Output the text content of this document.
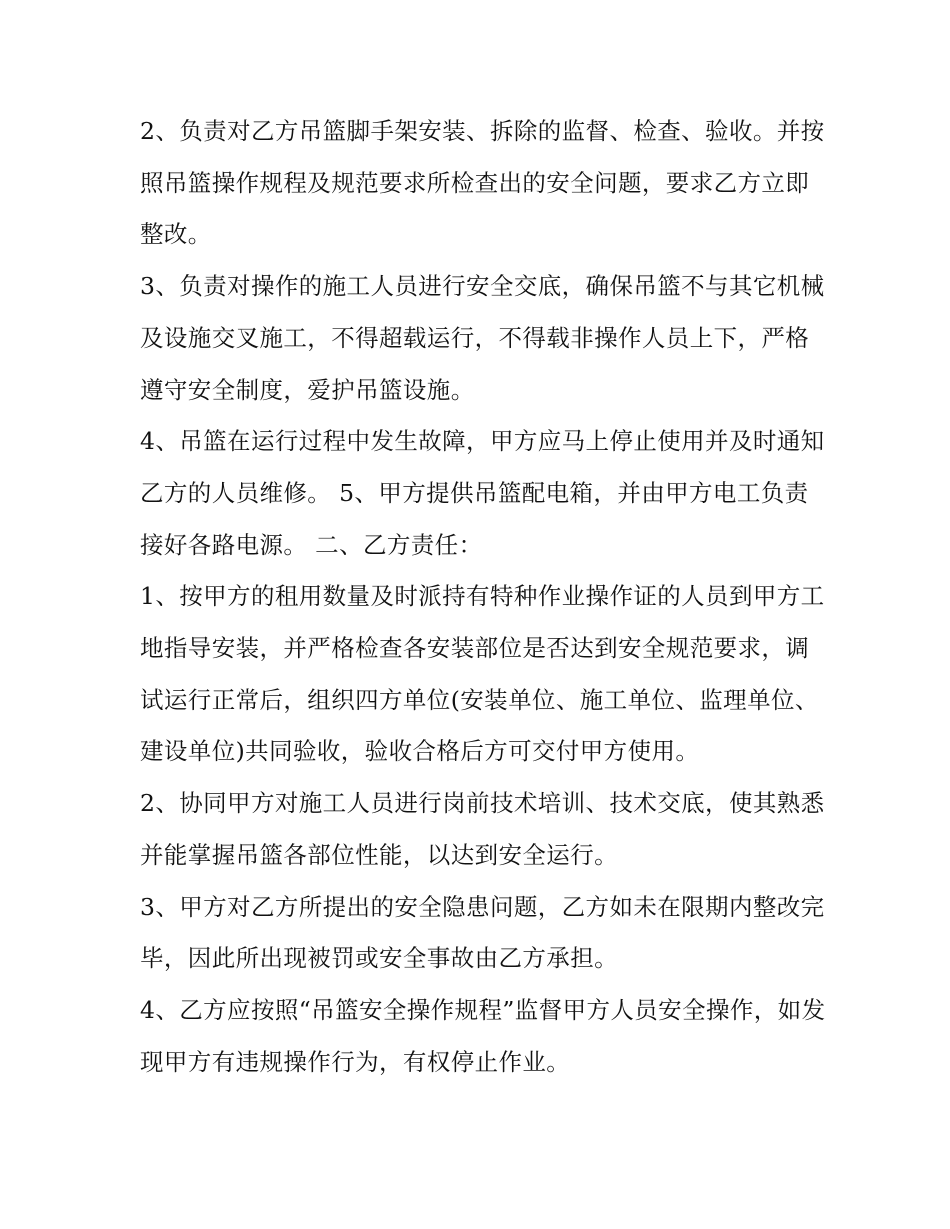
2、负责对乙方吊篮脚手架安装、拆除的监督、检查、验收。并按照吊篮操作规程及规范要求所检查出的安全问题，要求乙方立即整改。

3、负责对操作的施工人员进行安全交底，确保吊篮不与其它机械及设施交叉施工，不得超载运行，不得载非操作人员上下，严格遵守安全制度，爱护吊篮设施。

4、吊篮在运行过程中发生故障，甲方应马上停止使用并及时通知乙方的人员维修。 5、甲方提供吊篮配电箱，并由甲方电工负责接好各路电源。 二、乙方责任：

1、按甲方的租用数量及时派持有特种作业操作证的人员到甲方工地指导安装，并严格检查各安装部位是否达到安全规范要求，调试运行正常后，组织四方单位(安装单位、施工单位、监理单位、建设单位)共同验收，验收合格后方可交付甲方使用。

2、协同甲方对施工人员进行岗前技术培训、技术交底，使其熟悉并能掌握吊篮各部位性能，以达到安全运行。

3、甲方对乙方所提出的安全隐患问题，乙方如未在限期内整改完毕，因此所出现被罚或安全事故由乙方承担。

4、乙方应按照“吊篮安全操作规程”监督甲方人员安全操作，如发现甲方有违规操作行为，有权停止作业。
